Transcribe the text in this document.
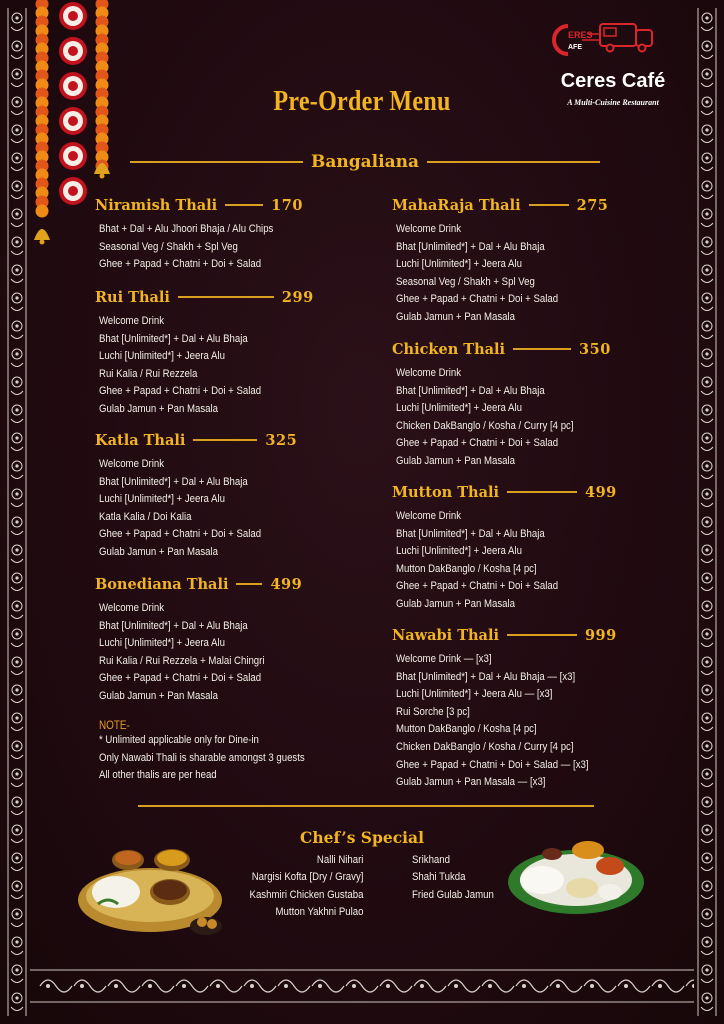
ERES
AFE
Ceres Café
A Multi-Cuisine Restaurant
Pre-Order Menu
Bangaliana
Niramish Thali	170
Bhat + Dal + Alu Jhoori Bhaja / Alu Chips
Seasonal Veg / Shakh + Spl Veg
Ghee + Papad + Chatni + Doi + Salad
Rui Thali	299
Welcome Drink
Bhat [Unlimited*] + Dal + Alu Bhaja
Luchi [Unlimited*] + Jeera Alu
Rui Kalia / Rui Rezzela
Ghee + Papad + Chatni + Doi + Salad
Gulab Jamun + Pan Masala
Katla Thali	325
Welcome Drink
Bhat [Unlimited*] + Dal + Alu Bhaja
Luchi [Unlimited*] + Jeera Alu
Katla Kalia / Doi Kalia
Ghee + Papad + Chatni + Doi + Salad
Gulab Jamun + Pan Masala
Bonediana Thali	499
Welcome Drink
Bhat [Unlimited*] + Dal + Alu Bhaja
Luchi [Unlimited*] + Jeera Alu
Rui Kalia / Rui Rezzela + Malai Chingri
Ghee + Papad + Chatni + Doi + Salad
Gulab Jamun + Pan Masala
MahaRaja Thali	275
Welcome Drink
Bhat [Unlimited*] + Dal + Alu Bhaja
Luchi [Unlimited*] + Jeera Alu
Seasonal Veg / Shakh + Spl Veg
Ghee + Papad + Chatni + Doi + Salad
Gulab Jamun + Pan Masala
Chicken Thali	350
Welcome Drink
Bhat [Unlimited*] + Dal + Alu Bhaja
Luchi [Unlimited*] + Jeera Alu
Chicken DakBanglo / Kosha / Curry [4 pc]
Ghee + Papad + Chatni + Doi + Salad
Gulab Jamun + Pan Masala
Mutton Thali	499
Welcome Drink
Bhat [Unlimited*] + Dal + Alu Bhaja
Luchi [Unlimited*] + Jeera Alu
Mutton DakBanglo / Kosha [4 pc]
Ghee + Papad + Chatni + Doi + Salad
Gulab Jamun + Pan Masala
Nawabi Thali	999
Welcome Drink — [x3]
Bhat [Unlimited*] + Dal + Alu Bhaja — [x3]
Luchi [Unlimited*] + Jeera Alu — [x3]
Rui Sorche [3 pc]
Mutton DakBanglo / Kosha [4 pc]
Chicken DakBanglo / Kosha / Curry [4 pc]
Ghee + Papad + Chatni + Doi + Salad — [x3]
Gulab Jamun + Pan Masala — [x3]
NOTE-
* Unlimited applicable only for Dine-in
Only Nawabi Thali is sharable amongst 3 guests
All other thalis are per head
Chef’s Special
Nalli Nihari
Nargisi Kofta [Dry / Gravy]
Kashmiri Chicken Gustaba
Mutton Yakhni Pulao
Srikhand
Shahi Tukda
Fried Gulab Jamun
